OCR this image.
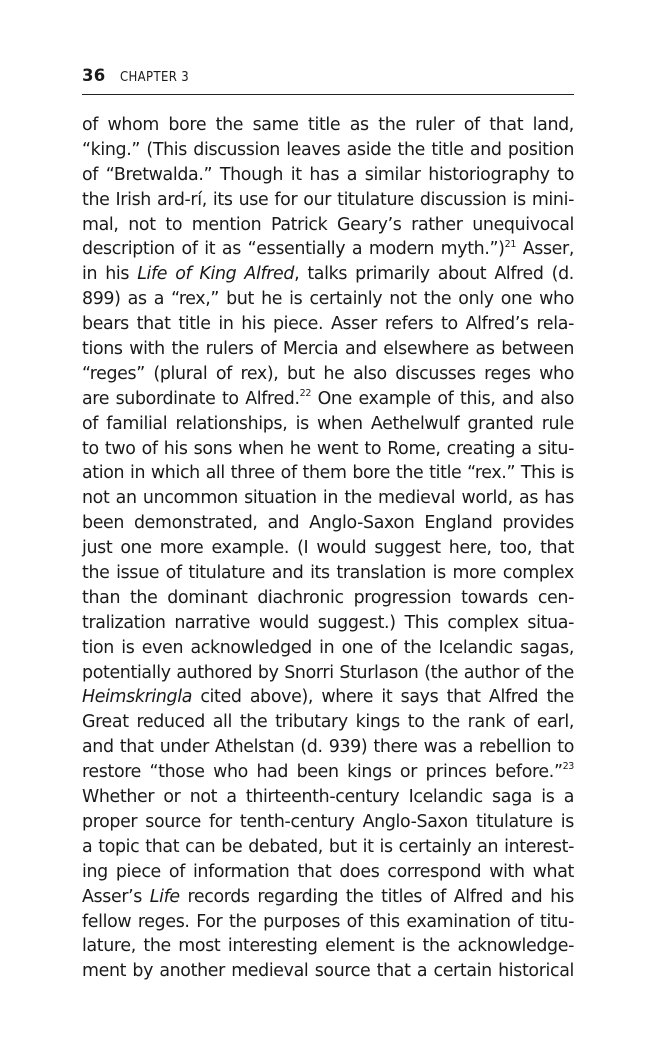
36 CHAPTER 3
of whom bore the same title as the ruler of that land,
“king.” (This discussion leaves aside the title and position
of “Bretwalda.” Though it has a similar historiography to
the Irish ard-rí, its use for our titulature discussion is mini-
mal, not to mention Patrick Geary’s rather unequivocal
description of it as “essentially a modern myth.”)$^{21}$ Asser,
in his Life of King Alfred, talks primarily about Alfred (d.
899) as a “rex,” but he is certainly not the only one who
bears that title in his piece. Asser refers to Alfred’s rela-
tions with the rulers of Mercia and elsewhere as between
“reges” (plural of rex), but he also discusses reges who
are subordinate to Alfred.$^{22}$ One example of this, and also
of familial relationships, is when Aethelwulf granted rule
to two of his sons when he went to Rome, creating a situ-
ation in which all three of them bore the title “rex.” This is
not an uncommon situation in the medieval world, as has
been demonstrated, and Anglo-Saxon England provides
just one more example. (I would suggest here, too, that
the issue of titulature and its translation is more complex
than the dominant diachronic progression towards cen-
tralization narrative would suggest.) This complex situa-
tion is even acknowledged in one of the Icelandic sagas,
potentially authored by Snorri Sturlason (the author of the
Heimskringla cited above), where it says that Alfred the
Great reduced all the tributary kings to the rank of earl,
and that under Athelstan (d. 939) there was a rebellion to
restore “those who had been kings or princes before.”$^{23}$
Whether or not a thirteenth-century Icelandic saga is a
proper source for tenth-century Anglo-Saxon titulature is
a topic that can be debated, but it is certainly an interest-
ing piece of information that does correspond with what
Asser’s Life records regarding the titles of Alfred and his
fellow reges. For the purposes of this examination of titu-
lature, the most interesting element is the acknowledge-
ment by another medieval source that a certain historical
